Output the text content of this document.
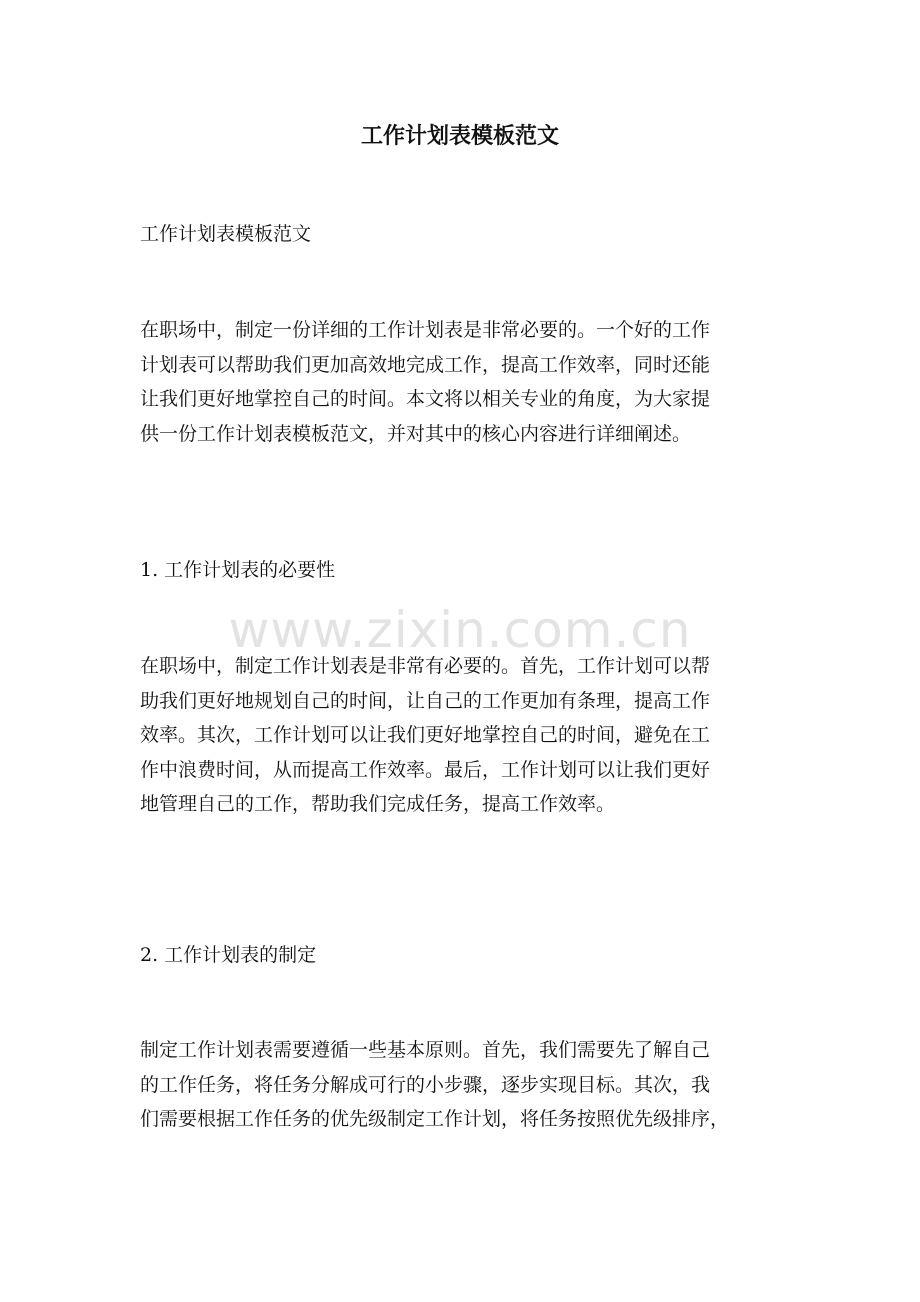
工作计划表模板范文

工作计划表模板范文

在职场中，制定一份详细的工作计划表是非常必要的。一个好的工作
计划表可以帮助我们更加高效地完成工作，提高工作效率，同时还能
让我们更好地掌控自己的时间。本文将以相关专业的角度，为大家提
供一份工作计划表模板范文，并对其中的核心内容进行详细阐述。

1. 工作计划表的必要性

在职场中，制定工作计划表是非常有必要的。首先，工作计划可以帮
助我们更好地规划自己的时间，让自己的工作更加有条理，提高工作
效率。其次，工作计划可以让我们更好地掌控自己的时间，避免在工
作中浪费时间，从而提高工作效率。最后，工作计划可以让我们更好
地管理自己的工作，帮助我们完成任务，提高工作效率。

2. 工作计划表的制定

制定工作计划表需要遵循一些基本原则。首先，我们需要先了解自己
的工作任务，将任务分解成可行的小步骤，逐步实现目标。其次，我
们需要根据工作任务的优先级制定工作计划，将任务按照优先级排序，

www.zixin.com.cn
